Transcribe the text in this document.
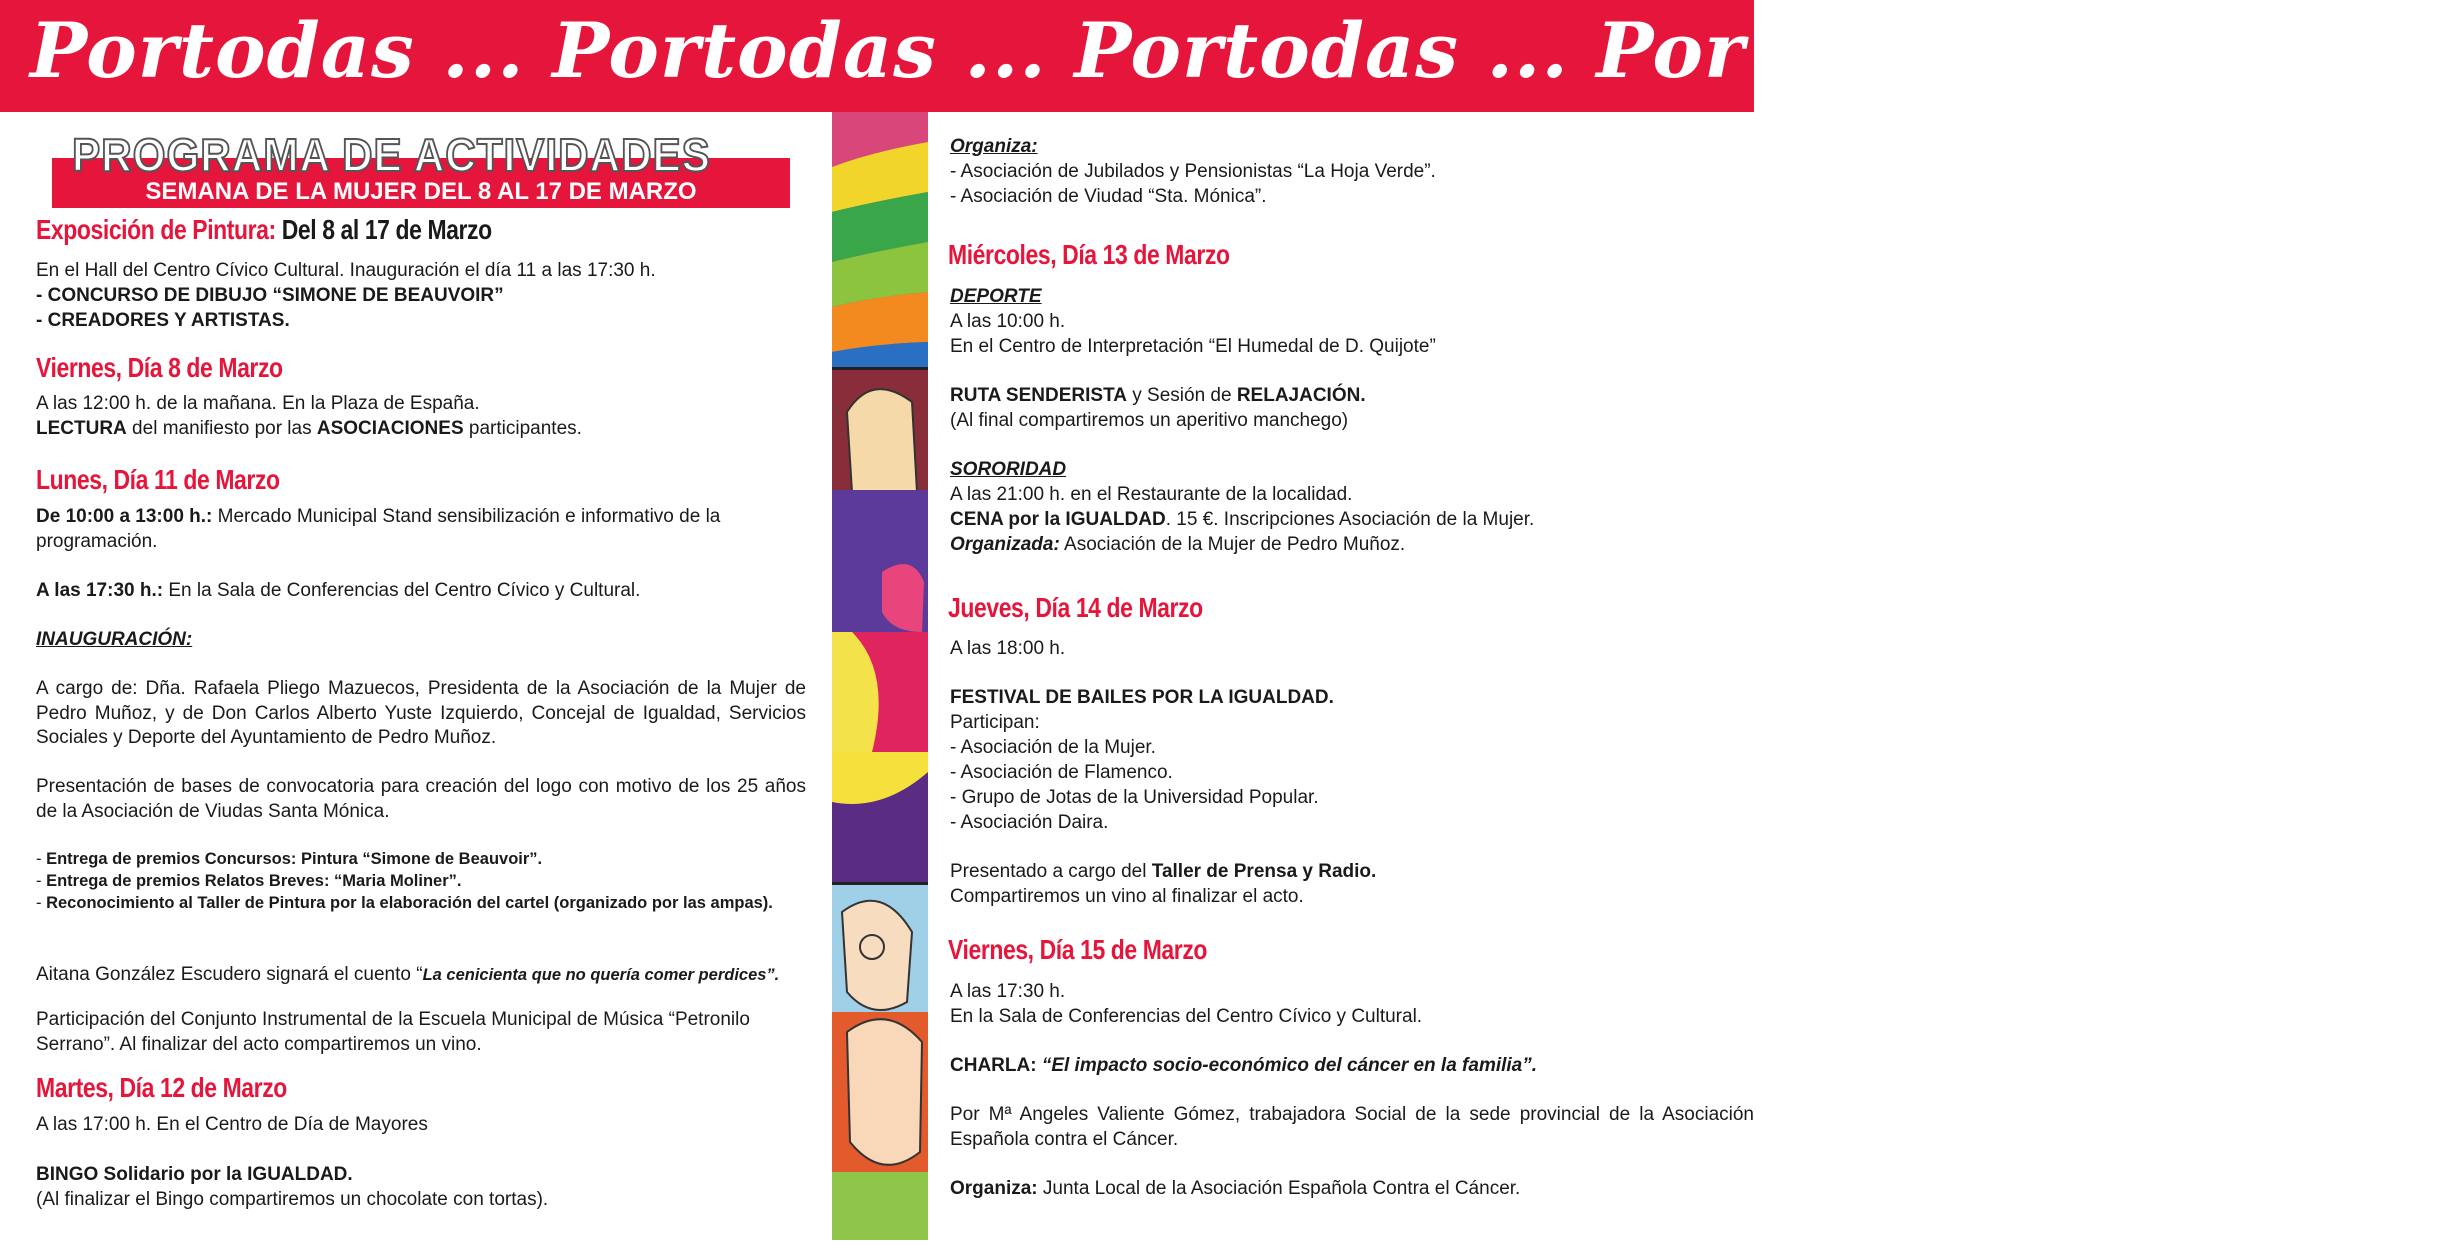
Portodas ... Portodas ... Portodas ... Por Todas ... Portod
PROGRAMA DE ACTIVIDADES
SEMANA DE LA MUJER DEL 8 AL 17 DE MARZO
Exposición de Pintura: Del 8 al 17 de Marzo

En el Hall del Centro Cívico Cultural. Inauguración el día 11 a las 17:30 h.

- CONCURSO DE DIBUJO “SIMONE DE BEAUVOIR”

- CREADORES Y ARTISTAS.

Viernes, Día 8 de Marzo

A las 12:00 h. de la mañana. En la Plaza de España.

LECTURA del manifiesto por las ASOCIACIONES participantes.

Lunes, Día 11 de Marzo

De 10:00 a 13:00 h.: Mercado Municipal Stand sensibilización e informativo de la programación.

A las 17:30 h.: En la Sala de Conferencias del Centro Cívico y Cultural.

INAUGURACIÓN:

A cargo de: Dña. Rafaela Pliego Mazuecos, Presidenta de la Asociación de la Mujer de Pedro Muñoz, y de Don Carlos Alberto Yuste Izquierdo, Concejal de Igualdad, Servicios Sociales y Deporte del Ayuntamiento de Pedro Muñoz.

Presentación de bases de convocatoria para creación del logo con motivo de los 25 años de la Asociación de Viudas Santa Mónica.

- Entrega de premios Concursos: Pintura “Simone de Beauvoir”.

- Entrega de premios Relatos Breves: “Maria Moliner”.

- Reconocimiento al Taller de Pintura por la elaboración del cartel (organizado por las ampas).

Aitana González Escudero signará el cuento “La cenicienta que no quería comer perdices”.

Participación del Conjunto Instrumental de la Escuela Municipal de Música “Petronilo Serrano”. Al finalizar del acto compartiremos un vino.

Martes, Día 12 de Marzo

A las 17:00 h. En el Centro de Día de Mayores

BINGO Solidario por la IGUALDAD.

(Al finalizar el Bingo compartiremos un chocolate con tortas).

Organiza:

- Asociación de Jubilados y Pensionistas “La Hoja Verde”.

- Asociación de Viudad “Sta. Mónica”.

Miércoles, Día 13 de Marzo

DEPORTE

A las 10:00 h.

En el Centro de Interpretación “El Humedal de D. Quijote”

RUTA SENDERISTA y Sesión de RELAJACIÓN.

(Al final compartiremos un aperitivo manchego)

SORORIDAD

A las 21:00 h. en el Restaurante de la localidad.

CENA por la IGUALDAD. 15 €. Inscripciones Asociación de la Mujer.

Organizada: Asociación de la Mujer de Pedro Muñoz.

Jueves, Día 14 de Marzo

A las 18:00 h.

FESTIVAL DE BAILES POR LA IGUALDAD.

Participan:

- Asociación de la Mujer.

- Asociación de Flamenco.

- Grupo de Jotas de la Universidad Popular.

- Asociación Daira.

Presentado a cargo del Taller de Prensa y Radio.

Compartiremos un vino al finalizar el acto.

Viernes, Día 15 de Marzo

A las 17:30 h.

En la Sala de Conferencias del Centro Cívico y Cultural.

CHARLA: “El impacto socio-económico del cáncer en la familia”.

Por Mª Angeles Valiente Gómez, trabajadora Social de la sede provincial de la Asociación Española contra el Cáncer.

Organiza: Junta Local de la Asociación Española Contra el Cáncer.
